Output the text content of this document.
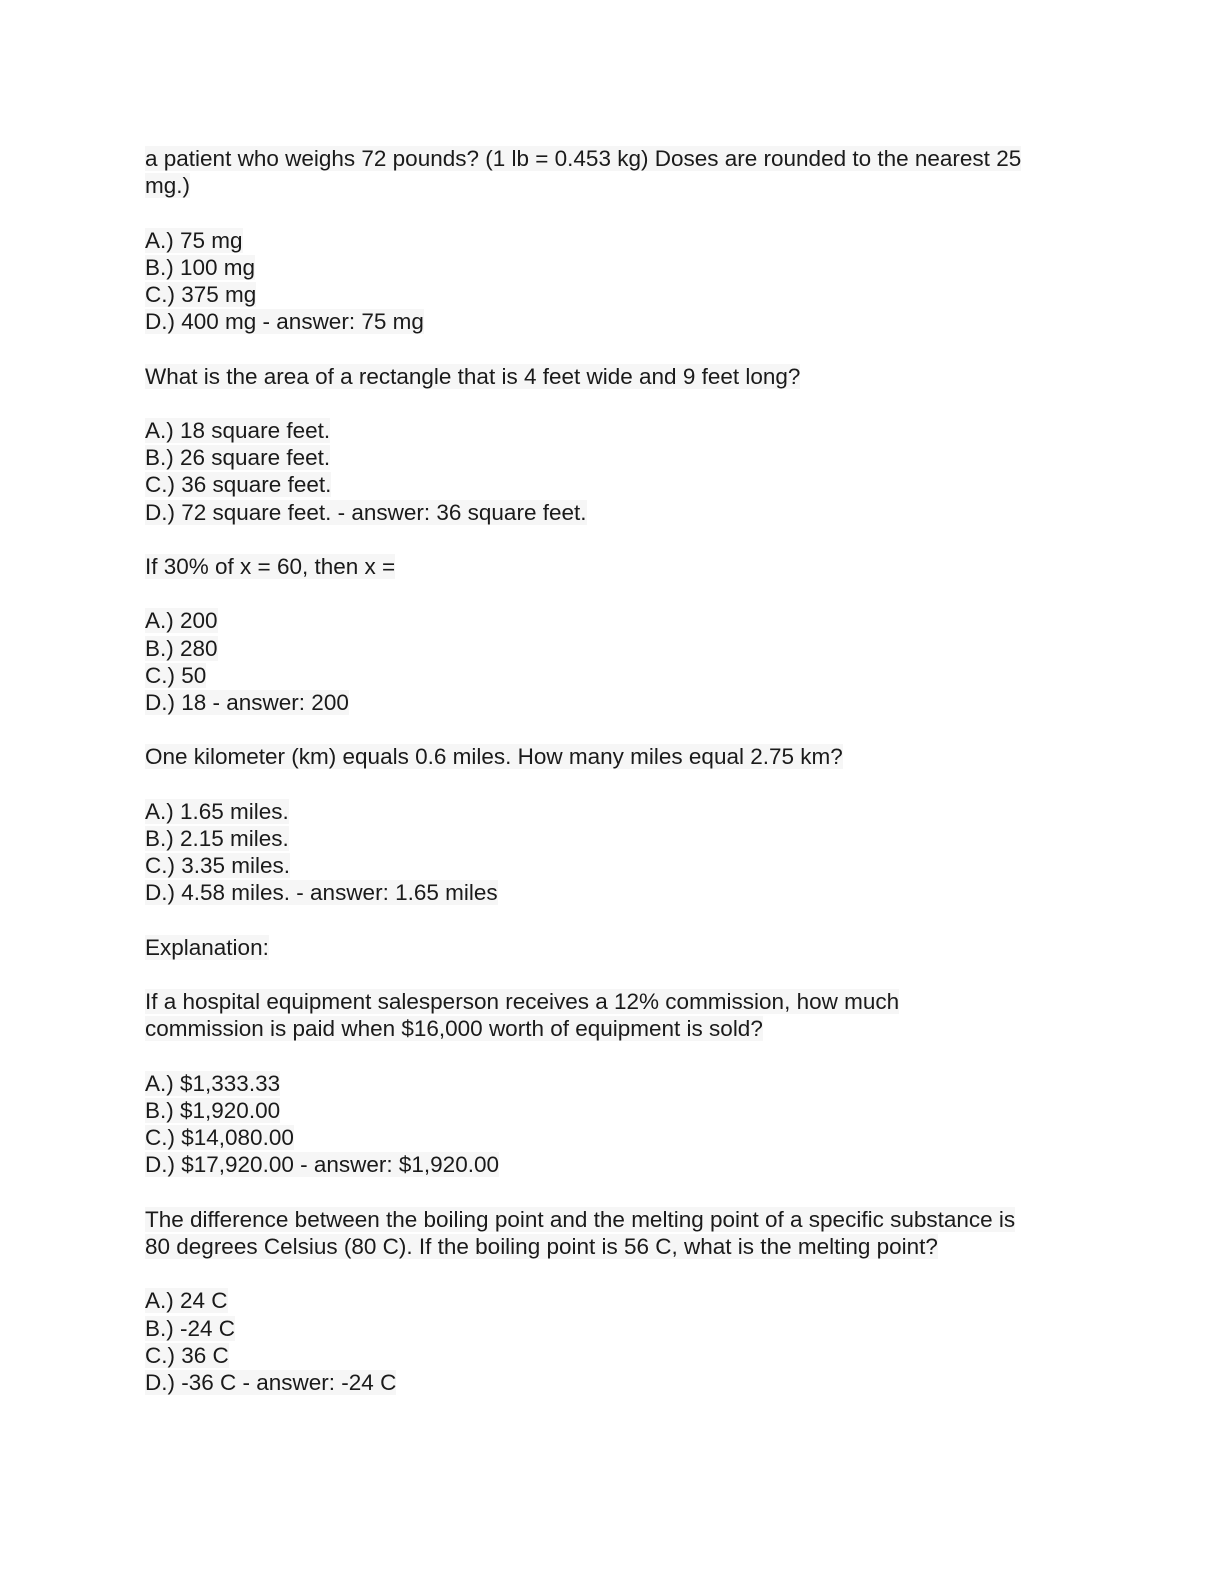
a patient who weighs 72 pounds? (1 lb = 0.453 kg) Doses are rounded to the nearest 25
mg.)
A.) 75 mg
B.) 100 mg
C.) 375 mg
D.) 400 mg - answer: 75 mg
What is the area of a rectangle that is 4 feet wide and 9 feet long?
A.) 18 square feet.
B.) 26 square feet.
C.) 36 square feet.
D.) 72 square feet. - answer: 36 square feet.
If 30% of x = 60, then x =
A.) 200
B.) 280
C.) 50
D.) 18 - answer: 200
One kilometer (km) equals 0.6 miles. How many miles equal 2.75 km?
A.) 1.65 miles.
B.) 2.15 miles.
C.) 3.35 miles.
D.) 4.58 miles. - answer: 1.65 miles
Explanation:
If a hospital equipment salesperson receives a 12% commission, how much
commission is paid when $16,000 worth of equipment is sold?
A.) $1,333.33
B.) $1,920.00
C.) $14,080.00
D.) $17,920.00 - answer: $1,920.00
The difference between the boiling point and the melting point of a specific substance is
80 degrees Celsius (80 C). If the boiling point is 56 C, what is the melting point?
A.) 24 C
B.) -24 C
C.) 36 C
D.) -36 C - answer: -24 C
